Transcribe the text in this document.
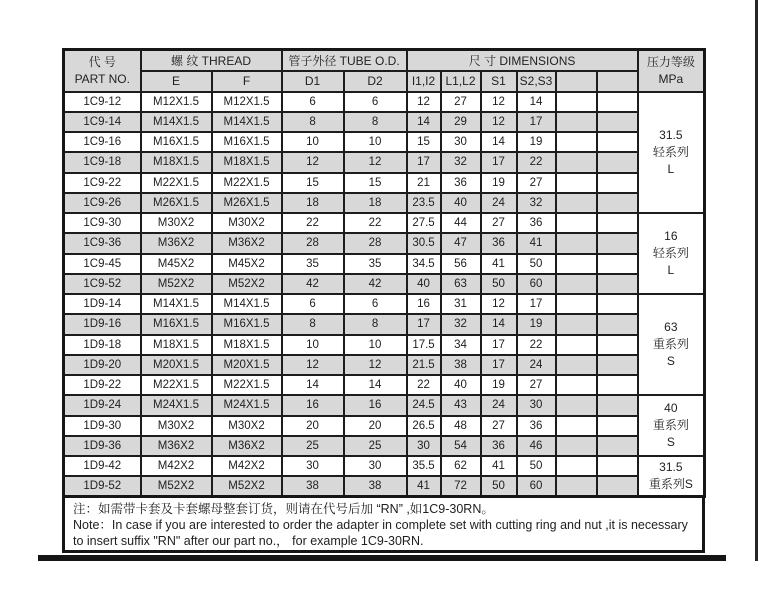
代 号
PART NO.
	螺 纹 THREAD	管子外径 TUBE O.D.	尺 寸 DIMENSIONS	压力等级
MPa

	E	F	D1	D2	I1,I2	L1,L2	S1	S2,S3			
1C9-12	M12X1.5	M12X1.5	6	6	12	27	12	14			31.5
轻系列
L

1C9-14	M14X1.5	M14X1.5	8	8	14	29	12	17			
1C9-16	M16X1.5	M16X1.5	10	10	15	30	14	19			
1C9-18	M18X1.5	M18X1.5	12	12	17	32	17	22			
1C9-22	M22X1.5	M22X1.5	15	15	21	36	19	27			
1C9-26	M26X1.5	M26X1.5	18	18	23.5	40	24	32			
1C9-30	M30X2	M30X2	22	22	27.5	44	27	36			16
轻系列
L

1C9-36	M36X2	M36X2	28	28	30.5	47	36	41			
1C9-45	M45X2	M45X2	35	35	34.5	56	41	50			
1C9-52	M52X2	M52X2	42	42	40	63	50	60			
1D9-14	M14X1.5	M14X1.5	6	6	16	31	12	17			63
重系列
S

1D9-16	M16X1.5	M16X1.5	8	8	17	32	14	19			
1D9-18	M18X1.5	M18X1.5	10	10	17.5	34	17	22			
1D9-20	M20X1.5	M20X1.5	12	12	21.5	38	17	24			
1D9-22	M22X1.5	M22X1.5	14	14	22	40	19	27			
1D9-24	M24X1.5	M24X1.5	16	16	24.5	43	24	30			40
重系列
S

1D9-30	M30X2	M30X2	20	20	26.5	48	27	36			
1D9-36	M36X2	M36X2	25	25	30	54	36	46			
1D9-42	M42X2	M42X2	30	30	35.5	62	41	50			31.5
重系列S

1D9-52	M52X2	M52X2	38	38	41	72	50	60			
注：如需带卡套及卡套螺母整套订货，则请在代号后加 “RN” ,如1C9-30RN。
Note：In case if you are interested to order the adapter in complete set with cutting ring and nut ,it is necessary
to insert suffix "RN" after our part no.， for example 1C9-30RN.
